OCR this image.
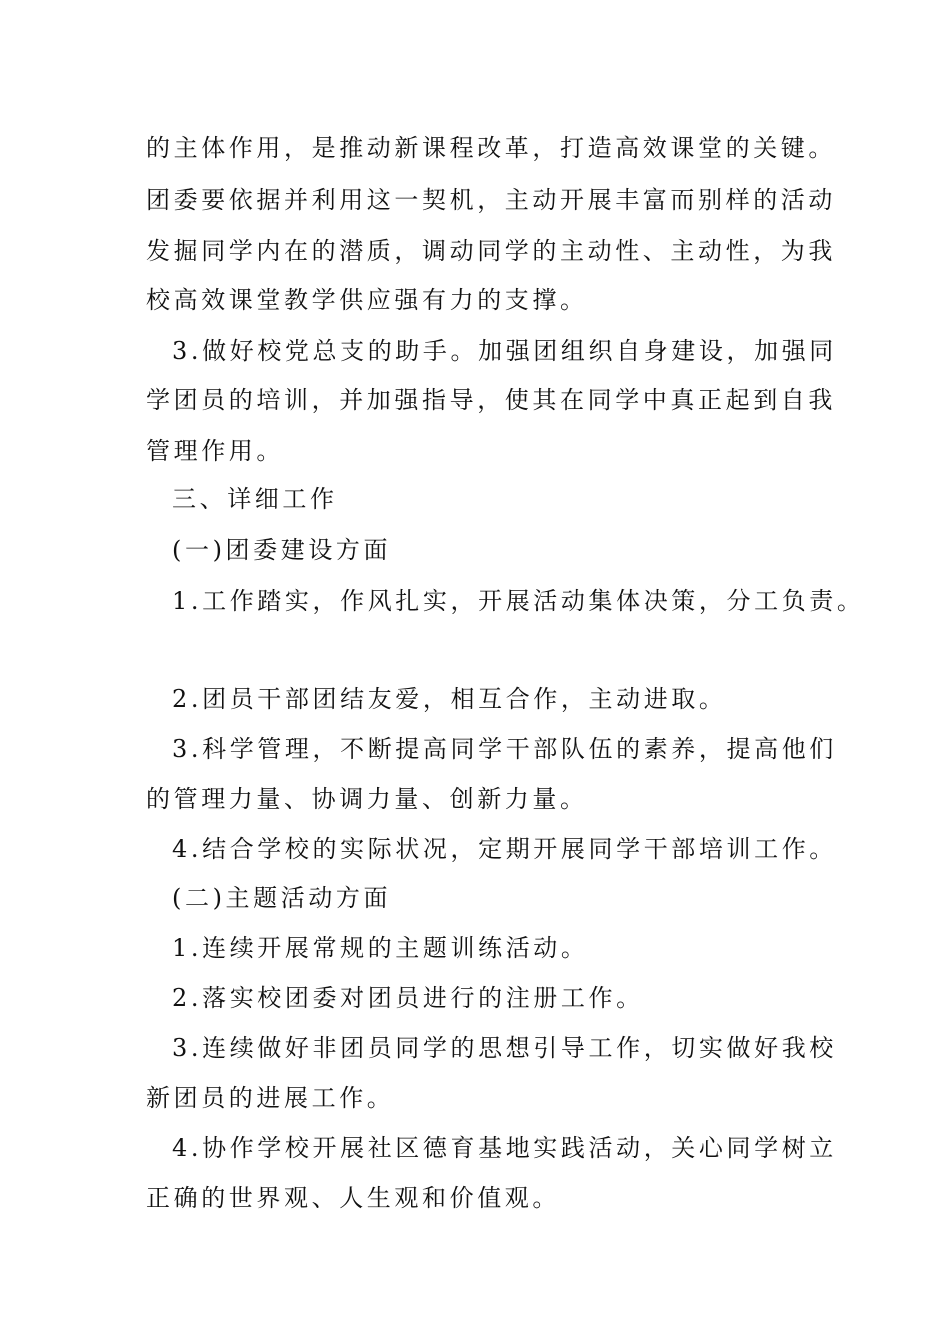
的主体作用，是推动新课程改革，打造高效课堂的关键。
团委要依据并利用这一契机，主动开展丰富而别样的活动
发掘同学内在的潜质，调动同学的主动性、主动性，为我
校高效课堂教学供应强有力的支撑。
3.做好校党总支的助手。加强团组织自身建设，加强同
学团员的培训，并加强指导，使其在同学中真正起到自我
管理作用。
三、详细工作
(一)团委建设方面
1.工作踏实，作风扎实，开展活动集体决策，分工负责。
2.团员干部团结友爱，相互合作，主动进取。
3.科学管理，不断提高同学干部队伍的素养，提高他们
的管理力量、协调力量、创新力量。
4.结合学校的实际状况，定期开展同学干部培训工作。
(二)主题活动方面
1.连续开展常规的主题训练活动。
2.落实校团委对团员进行的注册工作。
3.连续做好非团员同学的思想引导工作，切实做好我校
新团员的进展工作。
4.协作学校开展社区德育基地实践活动，关心同学树立
正确的世界观、人生观和价值观。
